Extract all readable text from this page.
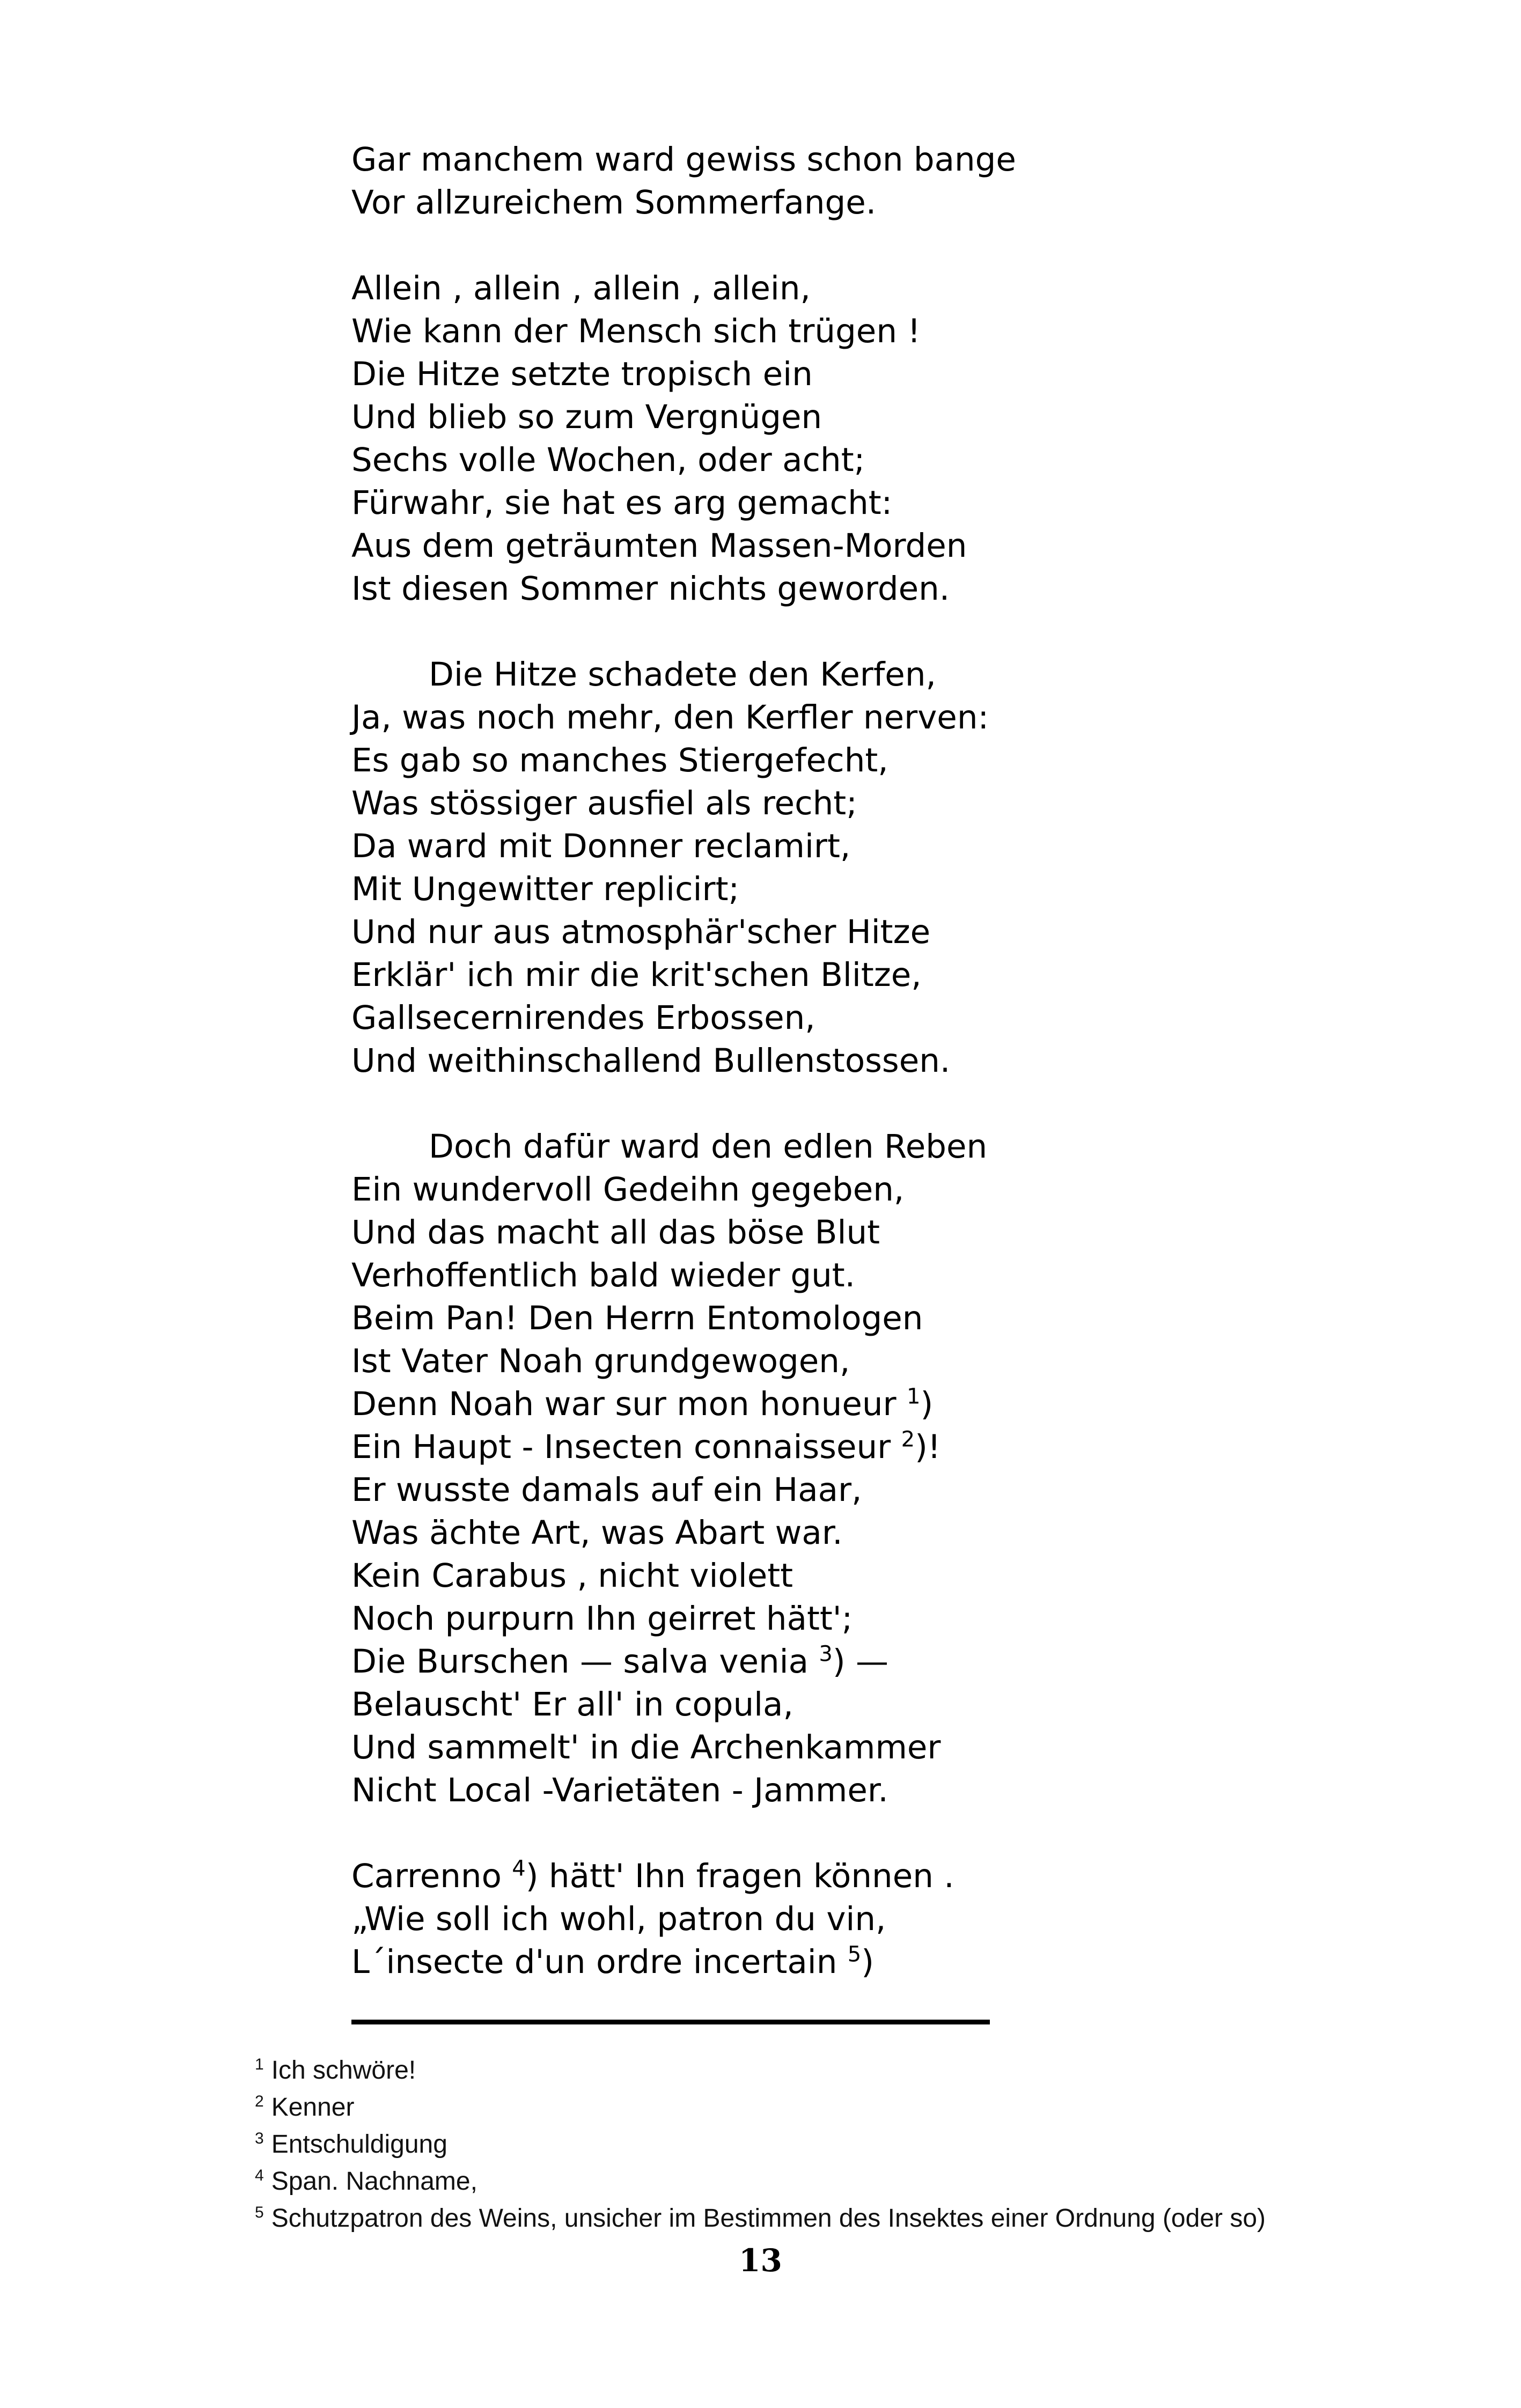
Gar manchem ward gewiss schon bange
Vor allzureichem Sommerfange.
Allein , allein , allein , allein,
Wie kann der Mensch sich trügen !
Die Hitze setzte tropisch ein
Und blieb so zum Vergnügen
Sechs volle Wochen, oder acht;
Fürwahr, sie hat es arg gemacht:
Aus dem geträumten Massen-Morden
Ist diesen Sommer nichts geworden.
Die Hitze schadete den Kerfen,
Ja, was noch mehr, den Kerfler nerven:
Es gab so manches Stiergefecht,
Was stössiger ausfiel als recht;
Da ward mit Donner reclamirt,
Mit Ungewitter replicirt;
Und nur aus atmosphär'scher Hitze
Erklär' ich mir die krit'schen Blitze,
Gallsecernirendes Erbossen,
Und weithinschallend Bullenstossen.
Doch dafür ward den edlen Reben
Ein wundervoll Gedeihn gegeben,
Und das macht all das böse Blut
Verhoffentlich bald wieder gut.
Beim Pan! Den Herrn Entomologen
Ist Vater Noah grundgewogen,
Denn Noah war sur mon honueur $^1$)
Ein Haupt - Insecten connaisseur $^2$)!
Er wusste damals auf ein Haar,
Was ächte Art, was Abart war.
Kein Carabus , nicht violett
Noch purpurn Ihn geirret hätt';
Die Burschen — salva venia $^3$) —
Belauscht' Er all' in copula,
Und sammelt' in die Archenkammer
Nicht Local -Varietäten - Jammer.
Carrenno $^4$) hätt' Ihn fragen können .
„Wie soll ich wohl, patron du vin,
L´insecte d'un ordre incertain $^5$)
$^1$ Ich schwöre!
$^2$ Kenner
$^3$ Entschuldigung
$^4$ Span. Nachname,
$^5$ Schutzpatron des Weins, unsicher im Bestimmen des Insektes einer Ordnung (oder so)
13
